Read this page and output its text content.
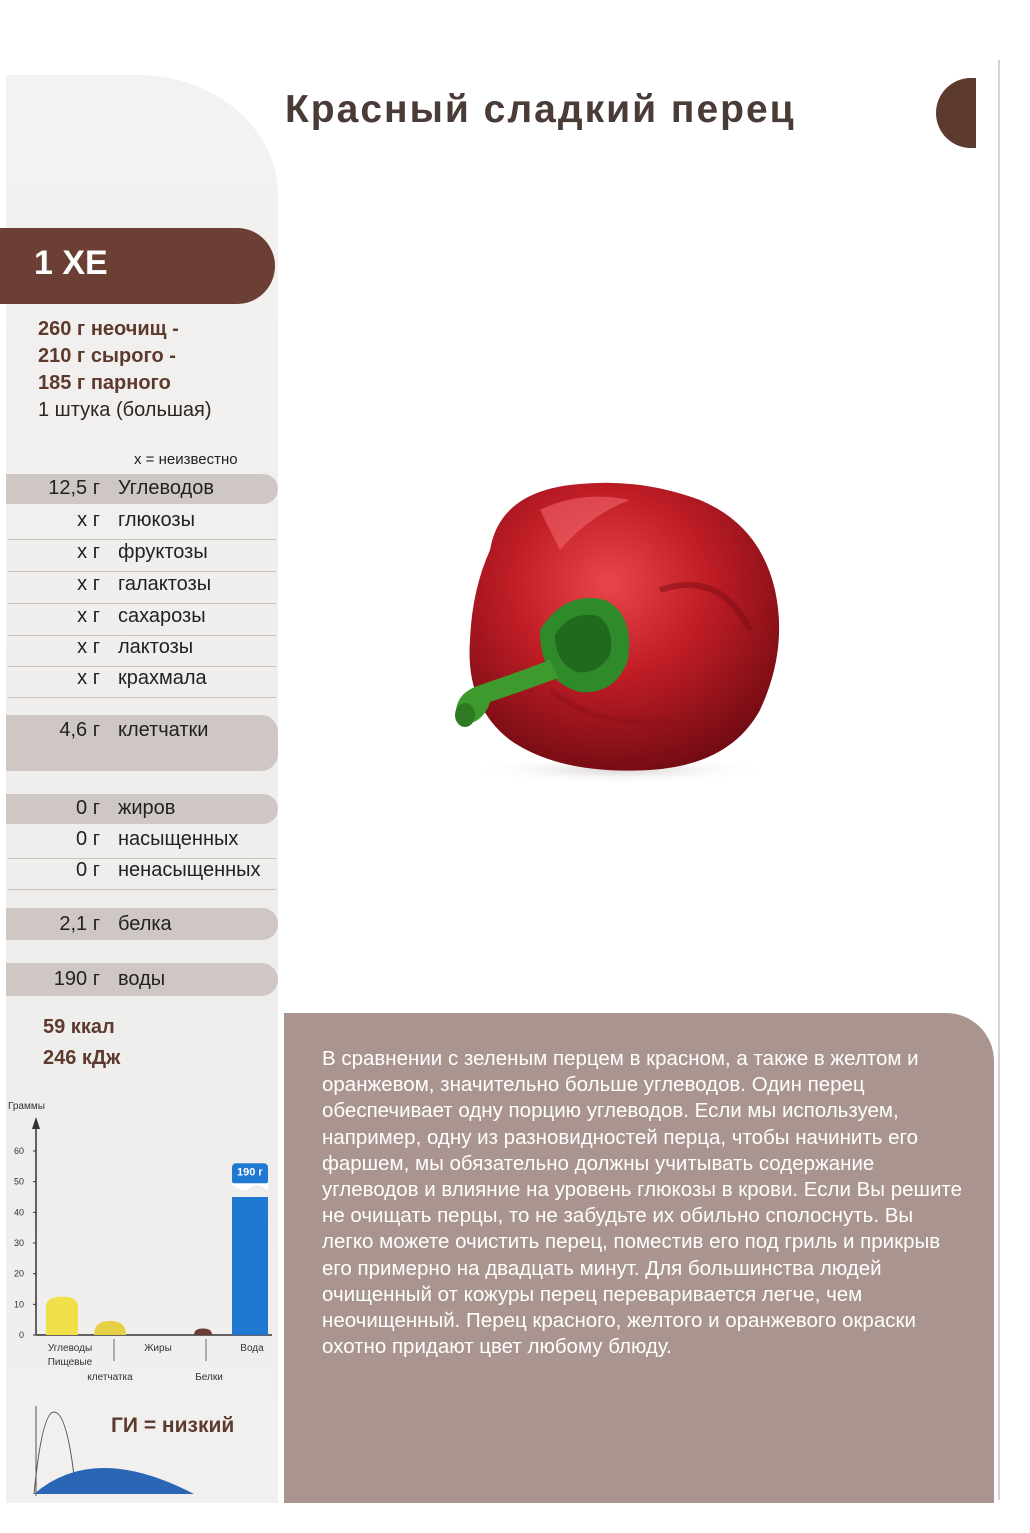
1 ХЕ
260 г неочищ -
210 г сырого -
185 г парного
1 штука (большая)
х = неизвестно
12,5 г Углеводов
х г глюкозы
х г фруктозы
х г галактозы
х г сахарозы
х г лактозы
х г крахмала
4,6 г клетчатки
0 г жиров
0 г насыщенных
0 г ненасыщенных
2,1 г белка
190 г воды
59 ккал
246 кДж
Граммы
0
10
20
30
40
50
60
190 г
Углеводы
Пищевые
клетчатка
Жиры
Белки
Вода
ГИ = низкий
Красный сладкий перец
В сравнении с зеленым перцем в красном, а также в желтом и оранжевом, значительно больше углеводов. Один перец обеспечивает одну порцию углеводов. Если мы используем, например, одну из разновидностей перца, чтобы начинить его фаршем, мы обязательно должны учитывать содержание углеводов и влияние на уровень глюкозы в крови. Если Вы решите не очищать перцы, то не забудьте их обильно сполоснуть. Вы легко можете очистить перец, поместив его под гриль и прикрыв его примерно на двадцать минут. Для большинства людей очищенный от кожуры перец переваривается легче, чем неочищенный. Перец красного, желтого и оранжевого окраски охотно придают цвет любому блюду.
